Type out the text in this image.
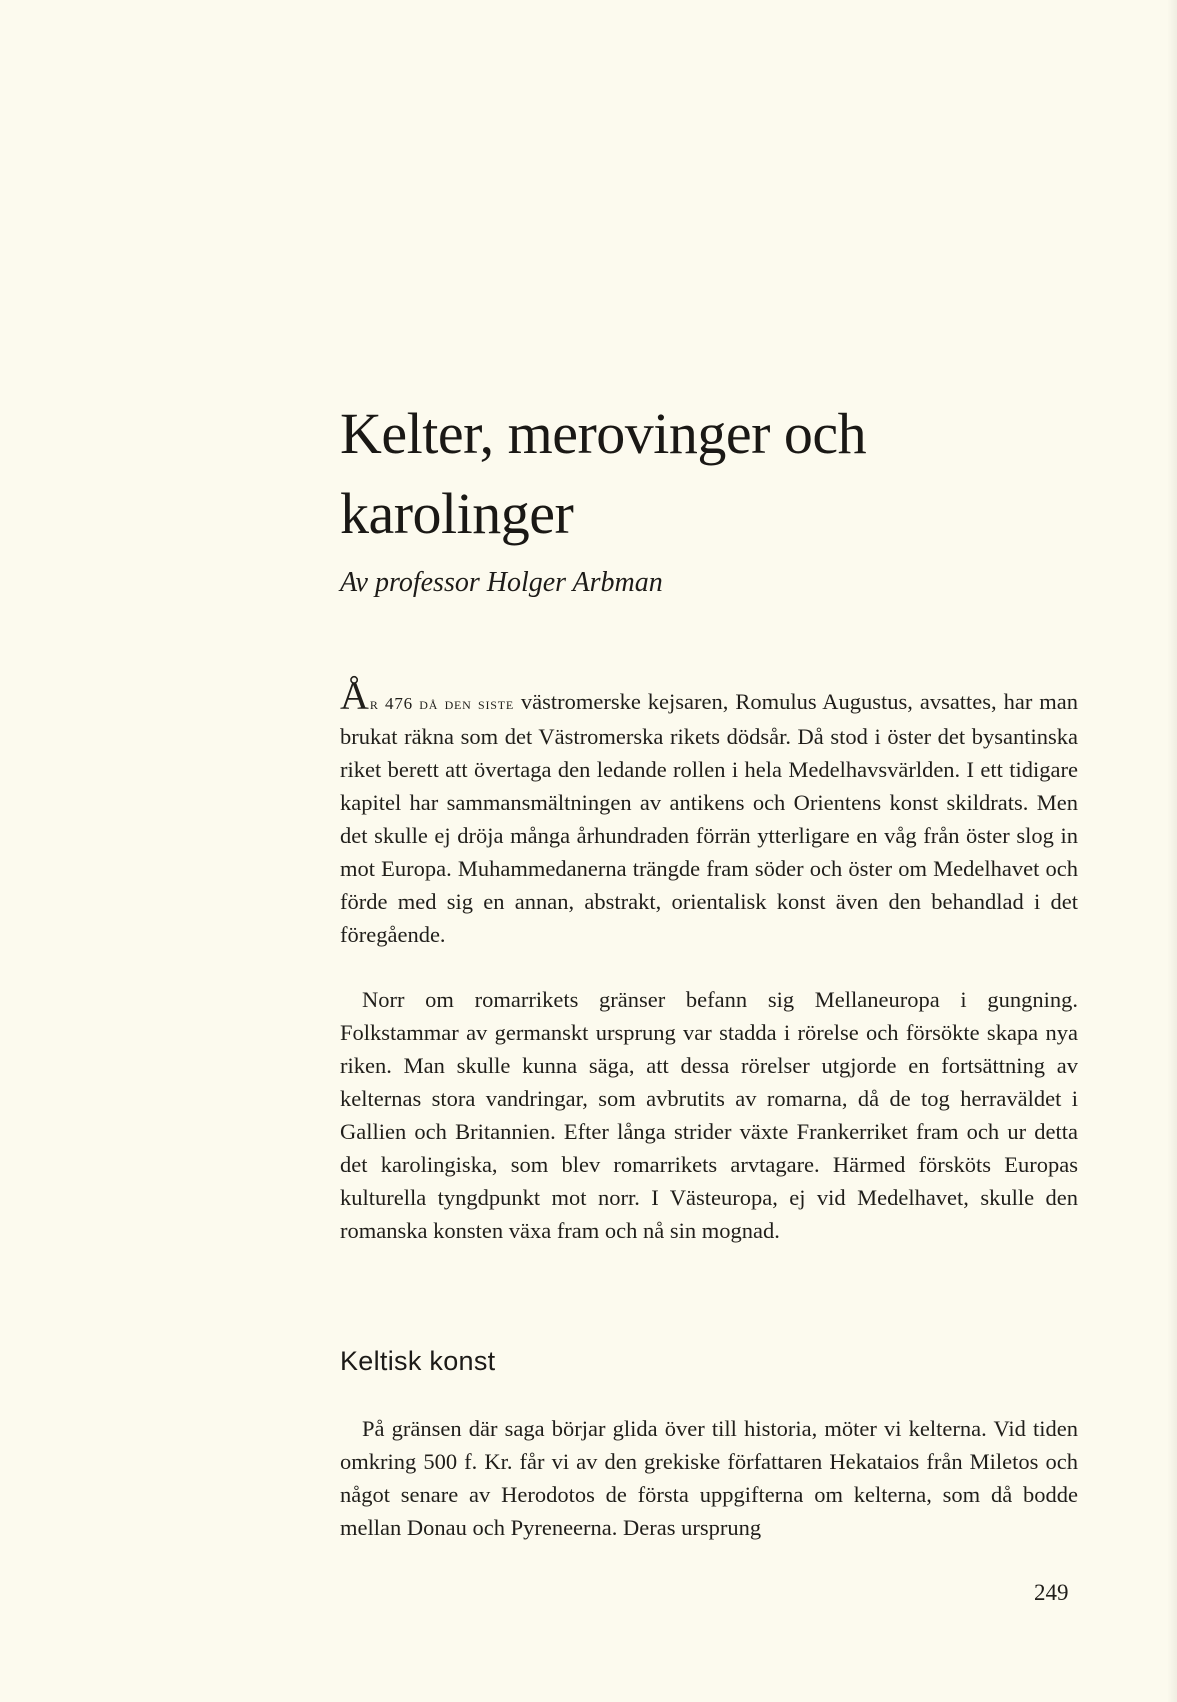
Kelter, merovinger och
karolinger

Av professor Holger Arbman

År 476 då den siste västromerske kejsaren, Romulus Augustus, avsattes, har man brukat räkna som det Västromerska rikets dödsår. Då stod i öster det bysantinska riket berett att övertaga den ledande rollen i hela Medelhavsvärlden. I ett tidigare kapitel har sammansmältningen av antikens och Orientens konst skildrats. Men det skulle ej dröja många århundraden förrän ytterligare en våg från öster slog in mot Europa. Muhammedanerna trängde fram söder och öster om Medelhavet och förde med sig en annan, abstrakt, orientalisk konst även den behandlad i det föregående.

Norr om romarrikets gränser befann sig Mellaneuropa i gungning. Folkstammar av germanskt ursprung var stadda i rörelse och försökte skapa nya riken. Man skulle kunna säga, att dessa rörelser utgjorde en fortsättning av kelternas stora vandringar, som avbrutits av romarna, då de tog herraväldet i Gallien och Britannien. Efter långa strider växte Frankerriket fram och ur detta det karolingiska, som blev romarrikets arvtagare. Härmed försköts Europas kulturella tyngdpunkt mot norr. I Västeuropa, ej vid Medelhavet, skulle den romanska konsten växa fram och nå sin mognad.

Keltisk konst

På gränsen där saga börjar glida över till historia, möter vi kelterna. Vid tiden omkring 500 f. Kr. får vi av den grekiske författaren Hekataios från Miletos och något senare av Herodotos de första uppgifterna om kelterna, som då bodde mellan Donau och Pyreneerna. Deras ursprung

249
